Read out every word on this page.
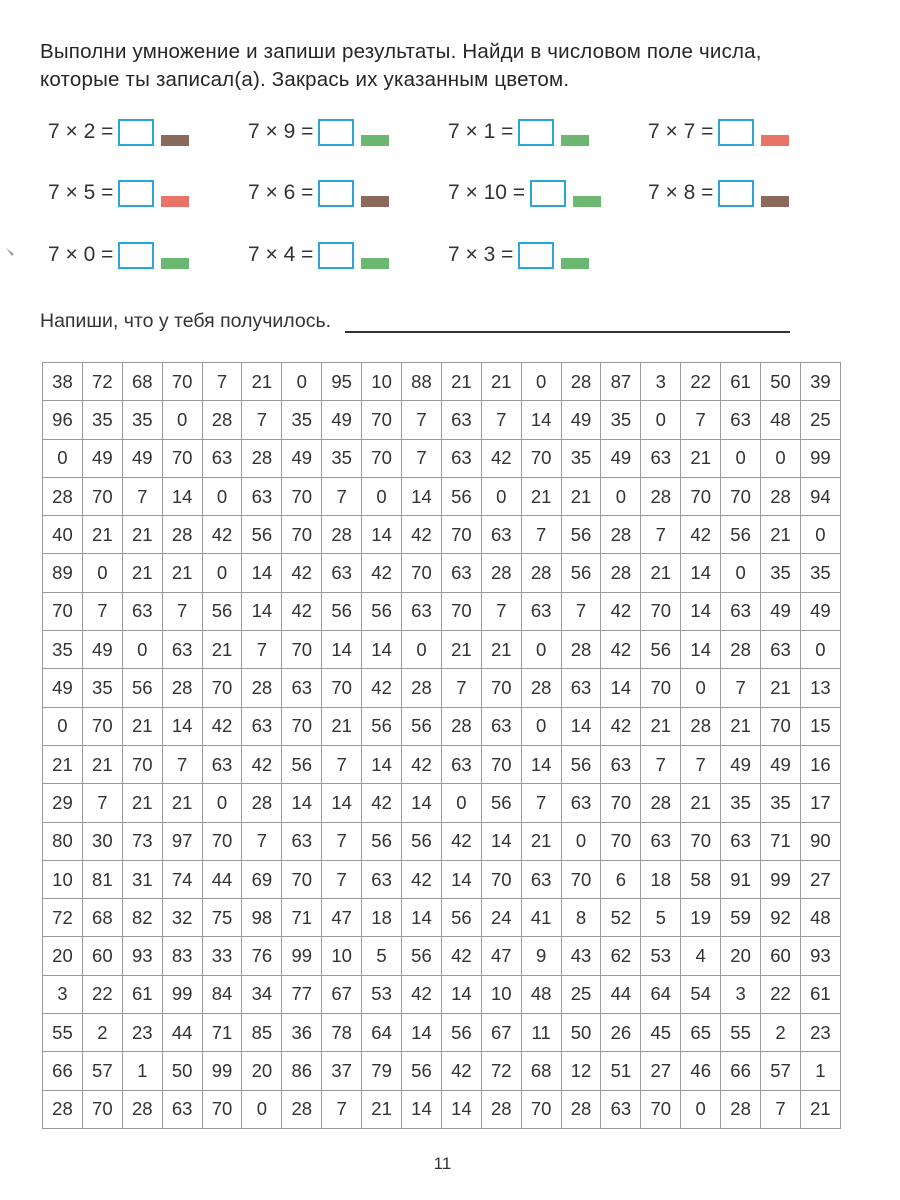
Выполни умножение и запиши результаты. Найди в числовом поле числа,
которые ты записал(а). Закрась их указанным цветом.
7 × 2 =	7 × 9 =	7 × 1 =	7 × 7 =
7 × 5 =	7 × 6 =	7 × 10 =	7 × 8 =
7 × 0 =	7 × 4 =	7 × 3 =
Напиши, что у тебя получилось.
38	72	68	70	7	21	0	95	10	88	21	21	0	28	87	3	22	61	50	39
96	35	35	0	28	7	35	49	70	7	63	7	14	49	35	0	7	63	48	25
0	49	49	70	63	28	49	35	70	7	63	42	70	35	49	63	21	0	0	99
28	70	7	14	0	63	70	7	0	14	56	0	21	21	0	28	70	70	28	94
40	21	21	28	42	56	70	28	14	42	70	63	7	56	28	7	42	56	21	0
89	0	21	21	0	14	42	63	42	70	63	28	28	56	28	21	14	0	35	35
70	7	63	7	56	14	42	56	56	63	70	7	63	7	42	70	14	63	49	49
35	49	0	63	21	7	70	14	14	0	21	21	0	28	42	56	14	28	63	0
49	35	56	28	70	28	63	70	42	28	7	70	28	63	14	70	0	7	21	13
0	70	21	14	42	63	70	21	56	56	28	63	0	14	42	21	28	21	70	15
21	21	70	7	63	42	56	7	14	42	63	70	14	56	63	7	7	49	49	16
29	7	21	21	0	28	14	14	42	14	0	56	7	63	70	28	21	35	35	17
80	30	73	97	70	7	63	7	56	56	42	14	21	0	70	63	70	63	71	90
10	81	31	74	44	69	70	7	63	42	14	70	63	70	6	18	58	91	99	27
72	68	82	32	75	98	71	47	18	14	56	24	41	8	52	5	19	59	92	48
20	60	93	83	33	76	99	10	5	56	42	47	9	43	62	53	4	20	60	93
3	22	61	99	84	34	77	67	53	42	14	10	48	25	44	64	54	3	22	61
55	2	23	44	71	85	36	78	64	14	56	67	11	50	26	45	65	55	2	23
66	57	1	50	99	20	86	37	79	56	42	72	68	12	51	27	46	66	57	1
28	70	28	63	70	0	28	7	21	14	14	28	70	28	63	70	0	28	7	21
11
